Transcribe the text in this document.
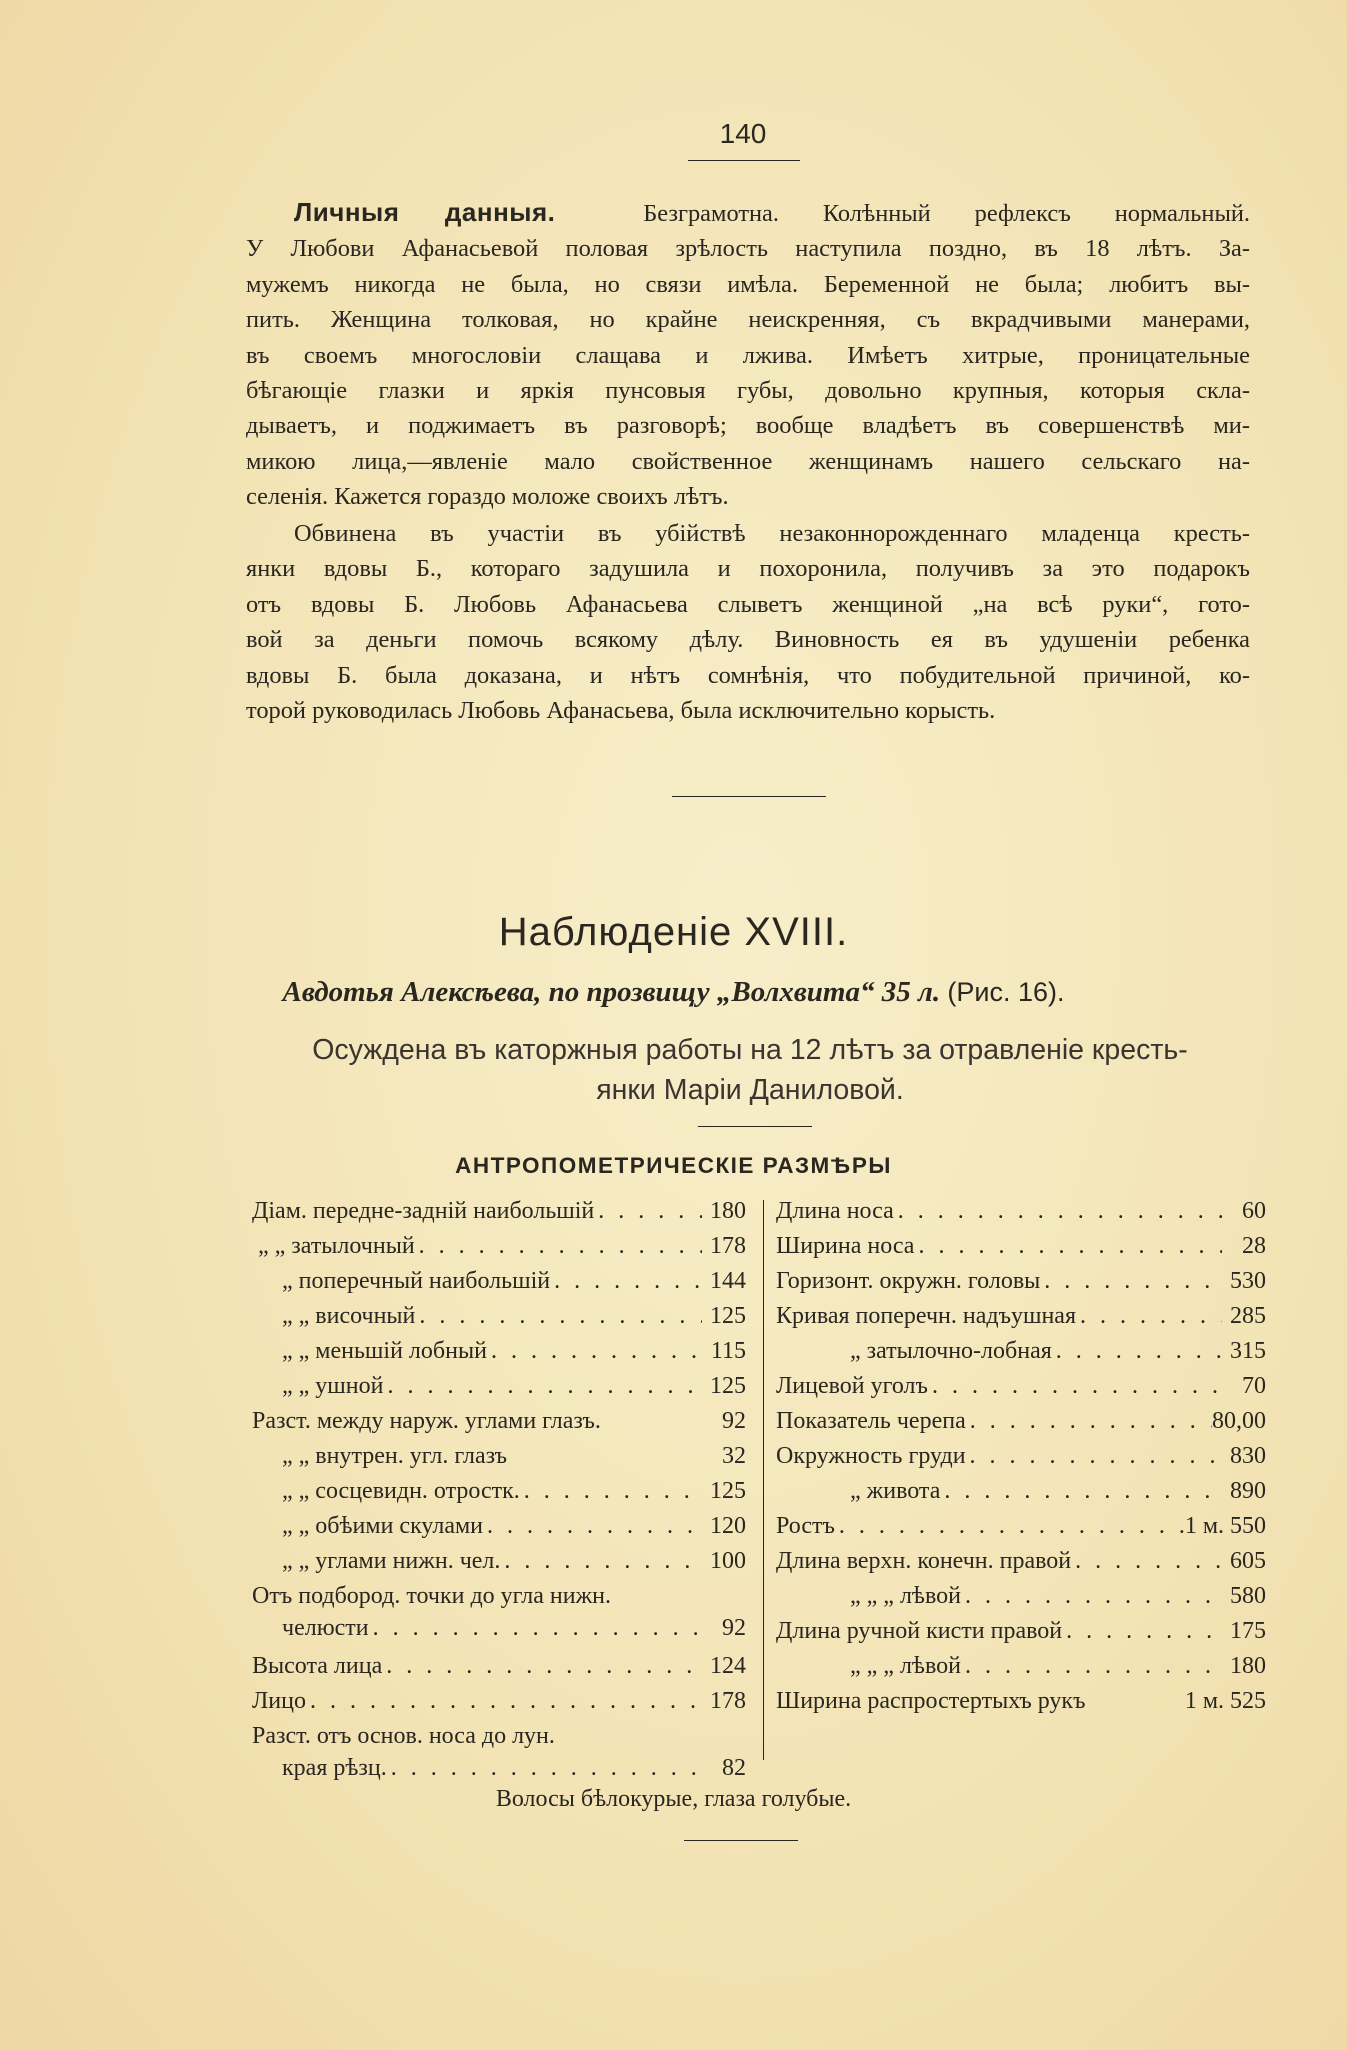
140
Личныя данныя.	Безграмотна. Колѣнный рефлексъ нормальный.
У Любови Афанасьевой половая зрѣлость наступила поздно, въ 18 лѣтъ. За-
мужемъ никогда не была, но связи имѣла. Беременной не была; любитъ вы-
пить. Женщина толковая, но крайне неискренняя, съ вкрадчивыми манерами,
въ своемъ многословіи слащава и лжива. Имѣетъ хитрые, проницательные
бѣгающіе глазки и яркія пунсовыя губы, довольно крупныя, которыя скла-
дываетъ, и поджимаетъ въ разговорѣ; вообще владѣетъ въ совершенствѣ ми-
микою лица,—явленіе мало свойственное женщинамъ нашего сельскаго на-
селенія. Кажется гораздо моложе своихъ лѣтъ.
Обвинена въ участіи въ убійствѣ незаконнорожденнаго младенца кресть-
янки вдовы Б., котораго задушила и похоронила, получивъ за это подарокъ
отъ вдовы Б. Любовь Афанасьева слыветъ женщиной „на всѣ руки“, гото-
вой за деньги помочь всякому дѣлу. Виновность ея въ удушеніи ребенка
вдовы Б. была доказана, и нѣтъ сомнѣнія, что побудительной причиной, ко-
торой руководилась Любовь Афанасьева, была исключительно корысть.
Наблюденіе XVIII.
Авдотья Алексѣева, по прозвищу „Волхвита“ 35 л. (Рис. 16).
Осуждена въ каторжныя работы на 12 лѣтъ за отравленіе кресть-
янки Маріи Даниловой.
АНТРОПОМЕТРИЧЕСКІЕ РАЗМѢРЫ
Діам. передне-задній наибольшій . . .	180
„ „ затылочный . . .	178
„ поперечный наибольшій . . .	144
„ „ височный . . .	125
„ „ меньшій лобный . . .	115
„ „ ушной . . .	125
Разст. между наруж. углами глазъ.	92
„ „ внутрен. угл. глазъ	32
„ „ сосцевидн. отростк. . . .	125
„ „ обѣими скулами . . .	120
„ „ углами нижн. чел. . . .	100
Отъ подбород. точки до угла нижн.
челюсти . . .	92
Высота лица . . .	124
Лицо . . .	178
Разст. отъ основ. носа до лун.
края рѣзц. . . .	82
Длина носа . . .	60
Ширина носа . . .	28
Горизонт. окружн. головы . . .	530
Кривая поперечн. надъушная . . .	285
„ затылочно-лобная . . .	315
Лицевой уголъ . . .	70
Показатель черепа . . .	80,00
Окружность груди . . .	830
„ живота . . .	890
Ростъ . . .	1 м. 550
Длина верхн. конечн. правой . . .	605
„ „ „ лѣвой . . .	580
Длина ручной кисти правой . . .	175
„ „ „ лѣвой . . .	180
Ширина распростертыхъ рукъ	1 м. 525
Волосы бѣлокурые, глаза голубые.
